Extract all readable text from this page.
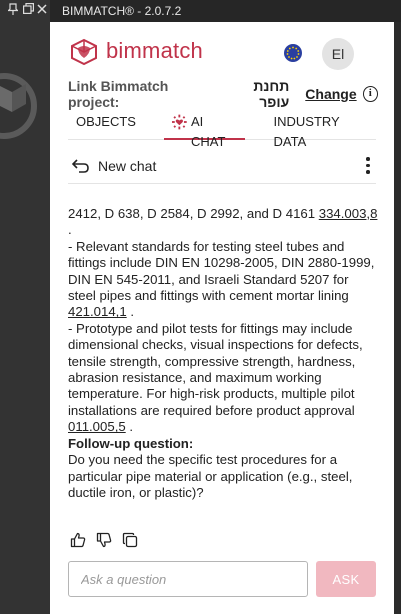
BIMMATCH® - 2.0.7.2
bimmatch	El
Link Bimmatch project:
תחנת עופר Change	i
OBJECTS	AI CHAT
INDUSTRY DATA
New chat

2412, D 638, D 2584, D 2992, and D 4161 334.003,8 .

- Relevant standards for testing steel tubes and fittings include DIN EN 10298-2005, DIN 2880-1999, DIN EN 545-2011, and Israeli Standard 5207 for steel pipes and fittings with cement mortar lining 421.014,1 .

- Prototype and pilot tests for fittings may include dimensional checks, visual inspections for defects, tensile strength, compressive strength, hardness, abrasion resistance, and maximum working temperature. For high-risk products, multiple pilot installations are required before product approval 011.005,5 .

Follow-up question:

Do you need the specific test procedures for a particular pipe material or application (e.g., steel, ductile iron, or plastic)?

Ask a question
ASK
